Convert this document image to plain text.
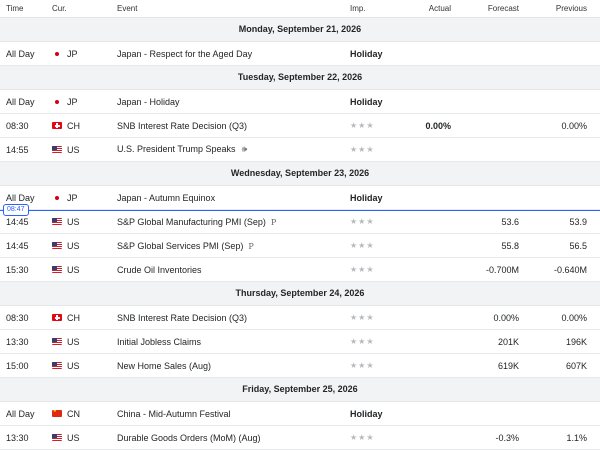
Time	Cur.	Event	Imp.	Actual	Forecast	Previous
Monday, September 21, 2026
All Day	JP	Japan - Respect for the Aged Day	Holiday
Tuesday, September 22, 2026
All Day	JP	Japan - Holiday	Holiday
08:30	CH	SNB Interest Rate Decision (Q3)	★★★	0.00%	0.00%
14:55	US	U.S. President Trump Speaks 🕪	★★★
Wednesday, September 23, 2026
All Day	JP	Japan - Autumn Equinox	Holiday
08:47
14:45	US	S&P Global Manufacturing PMI (Sep) P	★★★	53.6	53.9
14:45	US	S&P Global Services PMI (Sep) P	★★★	55.8	56.5
15:30	US	Crude Oil Inventories	★★★	-0.700M	-0.640M
Thursday, September 24, 2026
08:30	CH	SNB Interest Rate Decision (Q3)	★★★	0.00%	0.00%
13:30	US	Initial Jobless Claims	★★★	201K	196K
15:00	US	New Home Sales (Aug)	★★★	619K	607K
Friday, September 25, 2026
All Day
★	CN	China - Mid-Autumn Festival	Holiday
13:30	US	Durable Goods Orders (MoM) (Aug)	★★★	-0.3%	1.1%
